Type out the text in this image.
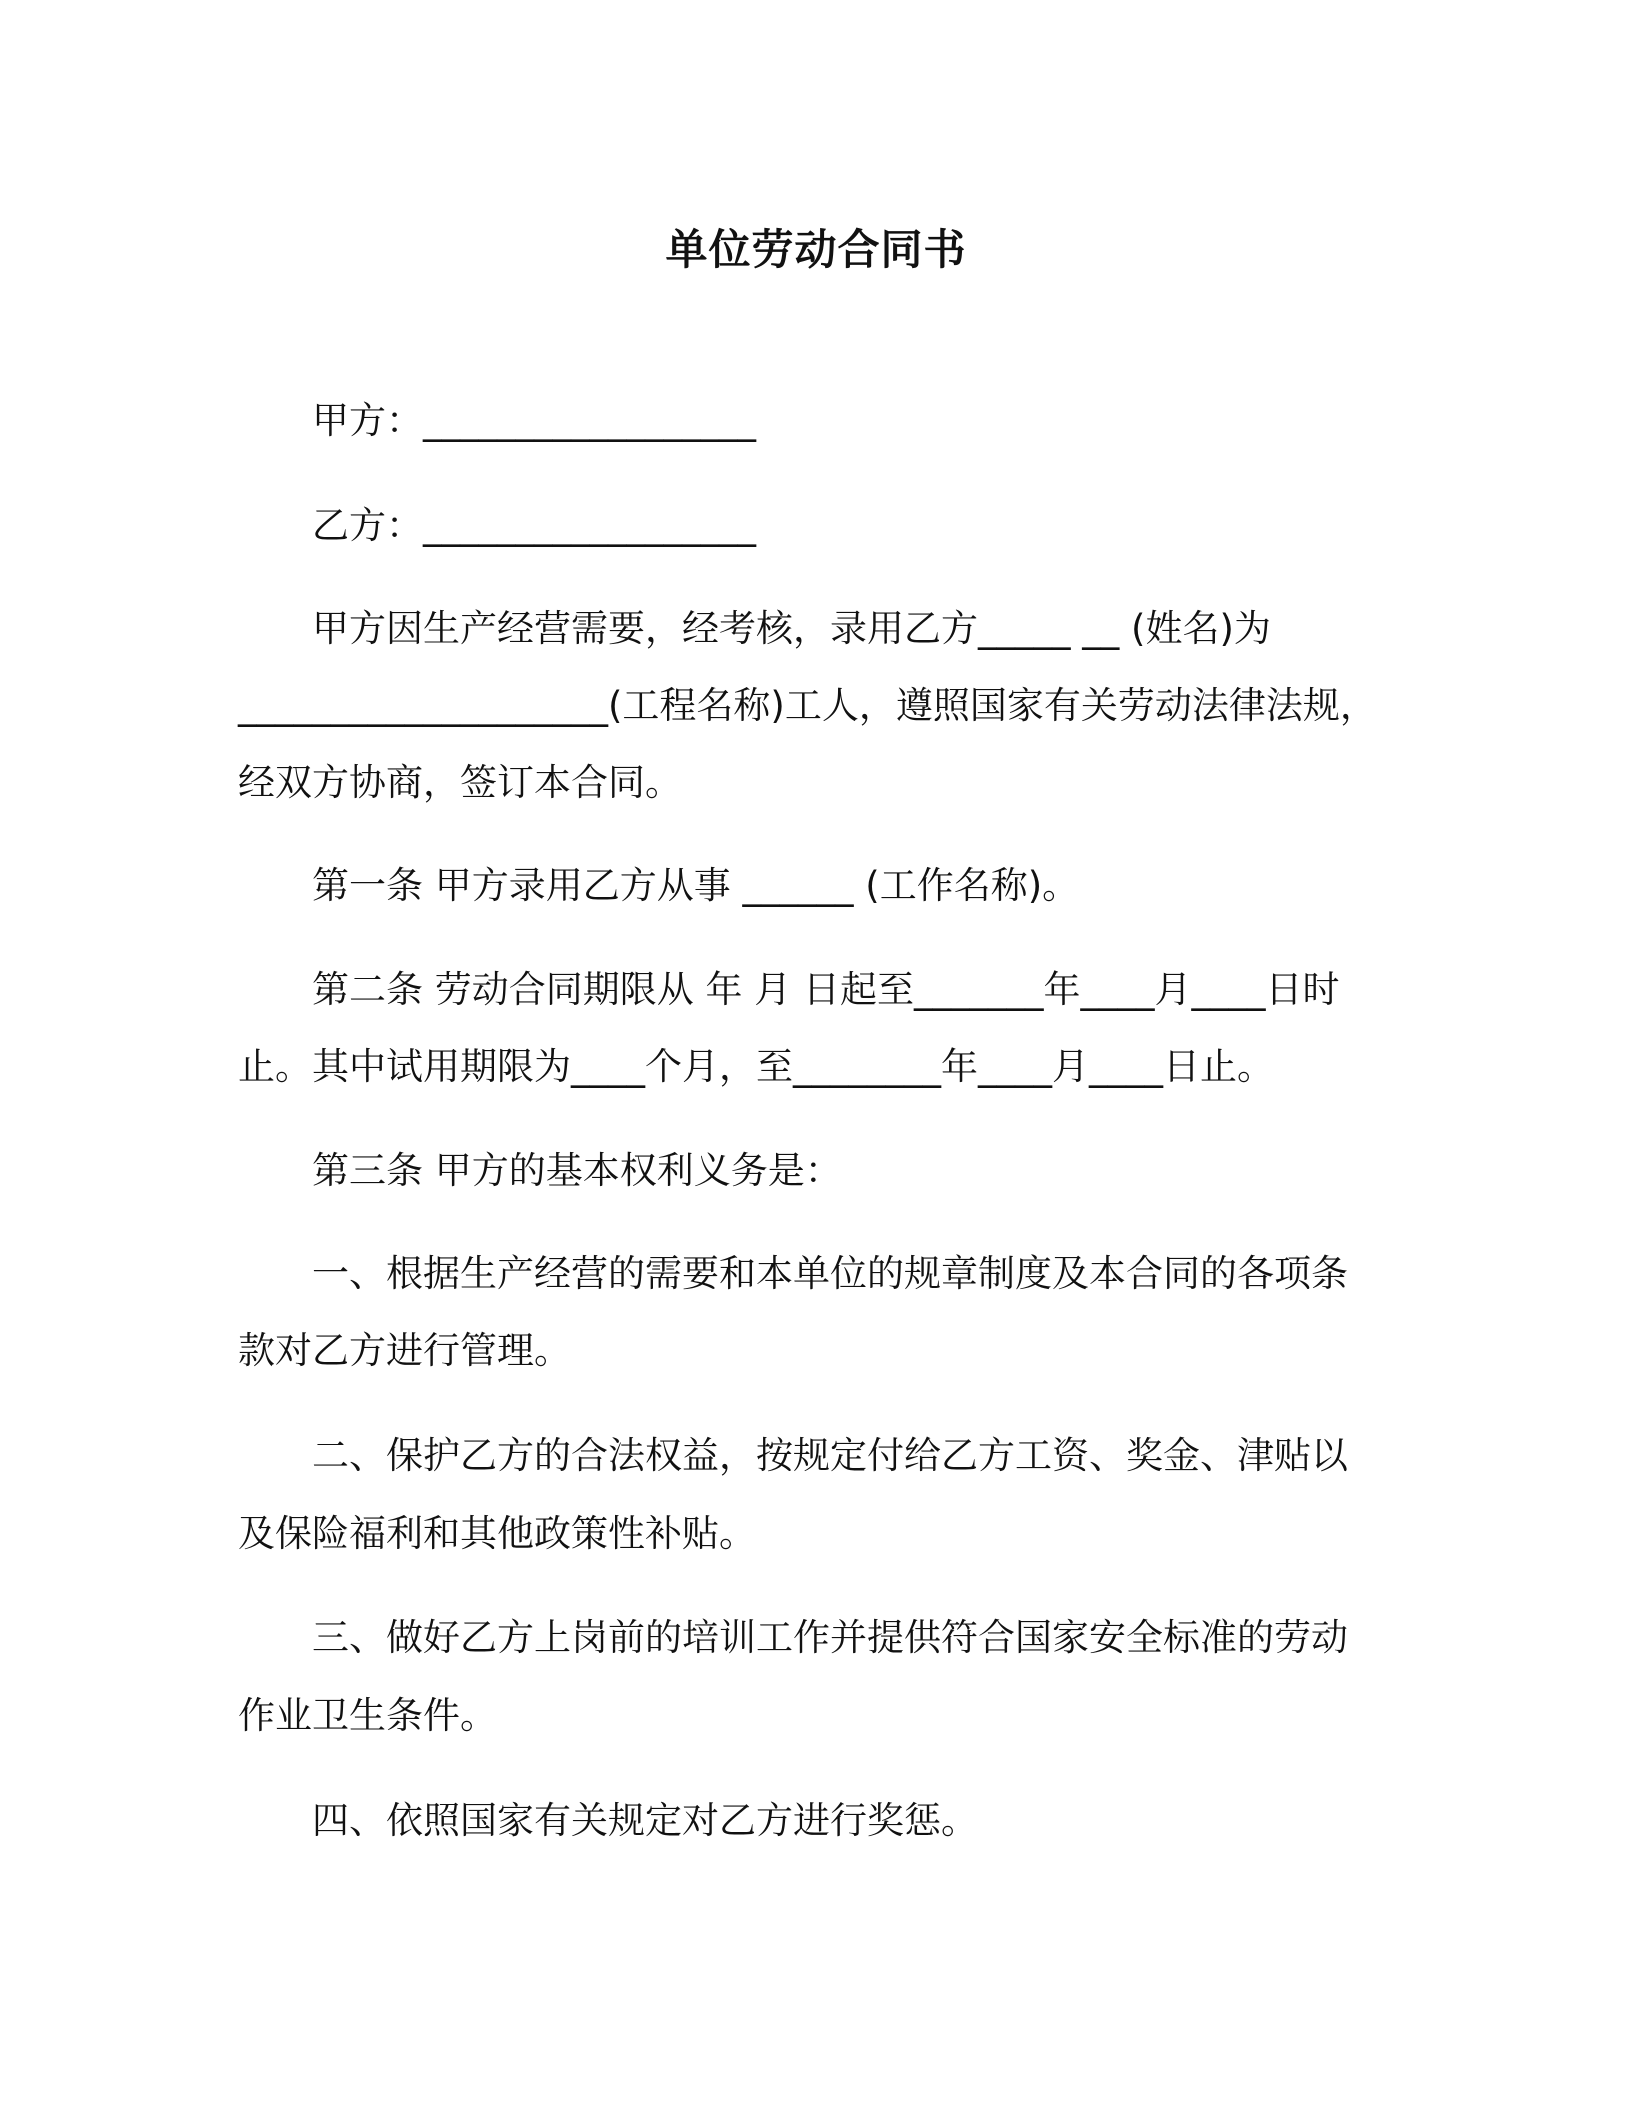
单位劳动合同书
甲方：__________________
乙方：__________________
甲方因生产经营需要，经考核，录用乙方_____ __ (姓名)为
____________________(工程名称)工人，遵照国家有关劳动法律法规，
经双方协商，签订本合同。
第一条 甲方录用乙方从事 ______ (工作名称)。
第二条 劳动合同期限从 年 月 日起至_______年____月____日时
止。其中试用期限为____个月，至________年____月____日止。
第三条 甲方的基本权利义务是：
一、根据生产经营的需要和本单位的规章制度及本合同的各项条
款对乙方进行管理。
二、保护乙方的合法权益，按规定付给乙方工资、奖金、津贴以
及保险福利和其他政策性补贴。
三、做好乙方上岗前的培训工作并提供符合国家安全标准的劳动
作业卫生条件。
四、依照国家有关规定对乙方进行奖惩。
